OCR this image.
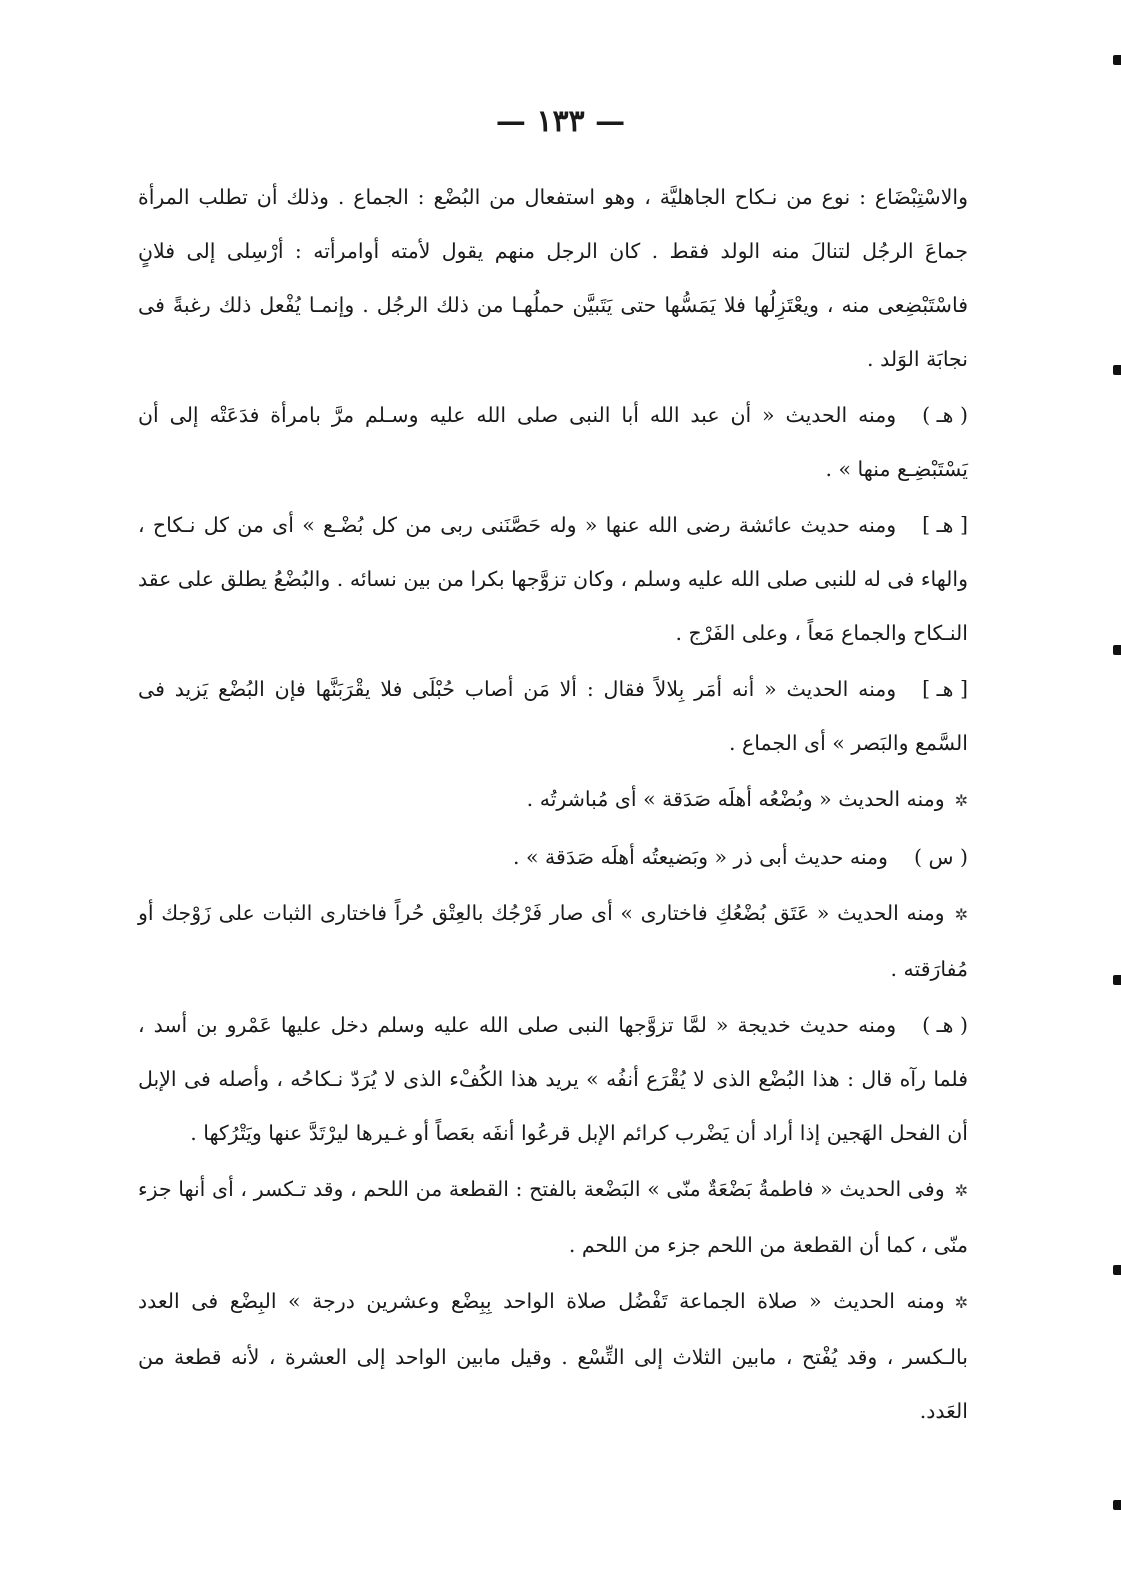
— ١٣٣ —

والاسْتِبْضَاع : نوع من نـكاح الجاهليَّة ، وهو استفعال من البُضْع : الجماع . وذلك أن تطلب المرأة جماعَ الرجُل لتنالَ منه الولد فقط . كان الرجل منهم يقول لأمته أوامرأته : أرْسِلى إلى فلانٍ فاسْتَبْضِعى منه ، ويعْتَزِلُها فلا يَمَسُّها حتى يَتَبيَّن حملُهـا من ذلك الرجُل . وإنمـا يُفْعل ذلك رغبةً فى نجابَة الوَلد .

( هـ )ومنه الحديث « أن عبد الله أبا النبى صلى الله عليه وسـلم مرَّ بامرأة فدَعَتْه إلى أن يَسْتَبْضِـع منها » .

[ هـ ]ومنه حديث عائشة رضى الله عنها « وله حَصَّنَنى ربى من كل بُضْـع » أى من كل نـكاح ، والهاء فى له للنبى صلى الله عليه وسلم ، وكان تزوَّجها بكرا من بين نسائه . والبُضْعُ يطلق على عقد النـكاح والجماع مَعاً ، وعلى الفَرْج .

[ هـ ]ومنه الحديث « أنه أمَر بِلالاً فقال : ألا مَن أصاب حُبْلَى فلا يقْرَبَنَّها فإن البُضْع يَزيد فى السَّمع والبَصر » أى الجماع .

✲ومنه الحديث « وبُضْعُه أهلَه صَدَقة » أى مُباشرتُه .

( س )ومنه حديث أبى ذر « وبَضيعتُه أهلَه صَدَقة » .

✲ومنه الحديث « عَتَق بُضْعُكِ فاختارى » أى صار فَرْجُك بالعِتْق حُراً فاختارى الثبات على زَوْجك أو مُفارَقته .

( هـ )ومنه حديث خديجة « لمَّا تزوَّجها النبى صلى الله عليه وسلم دخل عليها عَمْرو بن أسد ، فلما رآه قال : هذا البُضْع الذى لا يُقْرَع أنفُه » يريد هذا الكُفْء الذى لا يُرَدّ نـكاحُه ، وأصله فى الإبل أن الفحل الهَجين إذا أراد أن يَضْرب كرائم الإبل قرعُوا أنفَه بعَصاً أو غـيرها ليرْتَدَّ عنها ويَتْرُكها .

✲وفى الحديث « فاطمةُ بَضْعَةٌ منّى » البَضْعة بالفتح : القطعة من اللحم ، وقد تـكسر ، أى أنها جزء منّى ، كما أن القطعة من اللحم جزء من اللحم .

✲ومنه الحديث « صلاة الجماعة تَفْضُل صلاة الواحد بِبِضْع وعشرين درجة » البِضْع فى العدد بالـكسر ، وقد يُفْتح ، مابين الثلاث إلى التِّسْع . وقيل مابين الواحد إلى العشرة ، لأنه قطعة من العَدد.
